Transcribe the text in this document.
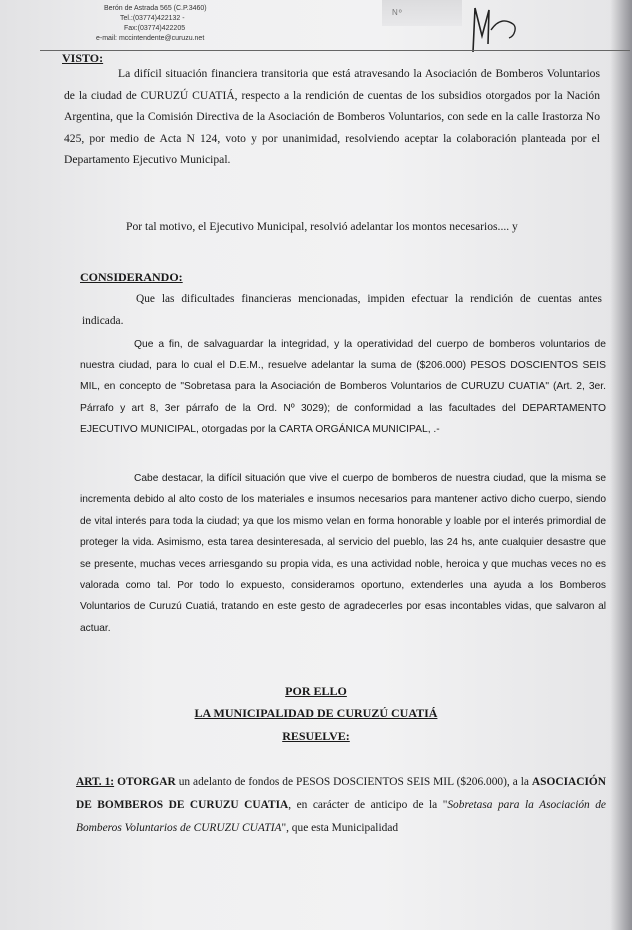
Berón de Astrada 565 (C.P.3460)
Tel.:(03774)422132 -
Fax:(03774)422205
e-mail: mccintendente@curuzu.net
Nº
VISTO:
La difícil situación financiera transitoria que está atravesando la Asociación de Bomberos Voluntarios de la ciudad de CURUZÚ CUATIÁ, respecto a la rendición de cuentas de los subsidios otorgados por la Nación Argentina, que la Comisión Directiva de la Asociación de Bomberos Voluntarios, con sede en la calle Irastorza No 425, por medio de Acta N 124, voto y por unanimidad, resolviendo aceptar la colaboración planteada por el Departamento Ejecutivo Municipal.
Por tal motivo, el Ejecutivo Municipal, resolvió adelantar los montos necesarios.... y
CONSIDERANDO:
Que las dificultades financieras mencionadas, impiden efectuar la rendición de cuentas antes indicada.
Que a fin, de salvaguardar la integridad, y la operatividad del cuerpo de bomberos voluntarios de nuestra ciudad, para lo cual el D.E.M., resuelve adelantar la suma de ($206.000) PESOS DOSCIENTOS SEIS MIL, en concepto de "Sobretasa para la Asociación de Bomberos Voluntarios de CURUZU CUATIA" (Art. 2, 3er. Párrafo y art 8, 3er párrafo de la Ord. Nº 3029); de conformidad a las facultades del DEPARTAMENTO EJECUTIVO MUNICIPAL, otorgadas por la CARTA ORGÁNICA MUNICIPAL, .-
Cabe destacar, la difícil situación que vive el cuerpo de bomberos de nuestra ciudad, que la misma se incrementa debido al alto costo de los materiales e insumos necesarios para mantener activo dicho cuerpo, siendo de vital interés para toda la ciudad; ya que los mismo velan en forma honorable y loable por el interés primordial de proteger la vida. Asimismo, esta tarea desinteresada, al servicio del pueblo, las 24 hs, ante cualquier desastre que se presente, muchas veces arriesgando su propia vida, es una actividad noble, heroica y que muchas veces no es valorada como tal. Por todo lo expuesto, consideramos oportuno, extenderles una ayuda a los Bomberos Voluntarios de Curuzú Cuatiá, tratando en este gesto de agradecerles por esas incontables vidas, que salvaron al actuar.
POR ELLO
LA MUNICIPALIDAD DE CURUZÚ CUATIÁ
RESUELVE:
ART. 1: OTORGAR un adelanto de fondos de PESOS DOSCIENTOS SEIS MIL ($206.000), a la ASOCIACIÓN DE BOMBEROS DE CURUZU CUATIA, en carácter de anticipo de la "Sobretasa para la Asociación de Bomberos Voluntarios de CURUZU CUATIA", que esta Municipalidad
